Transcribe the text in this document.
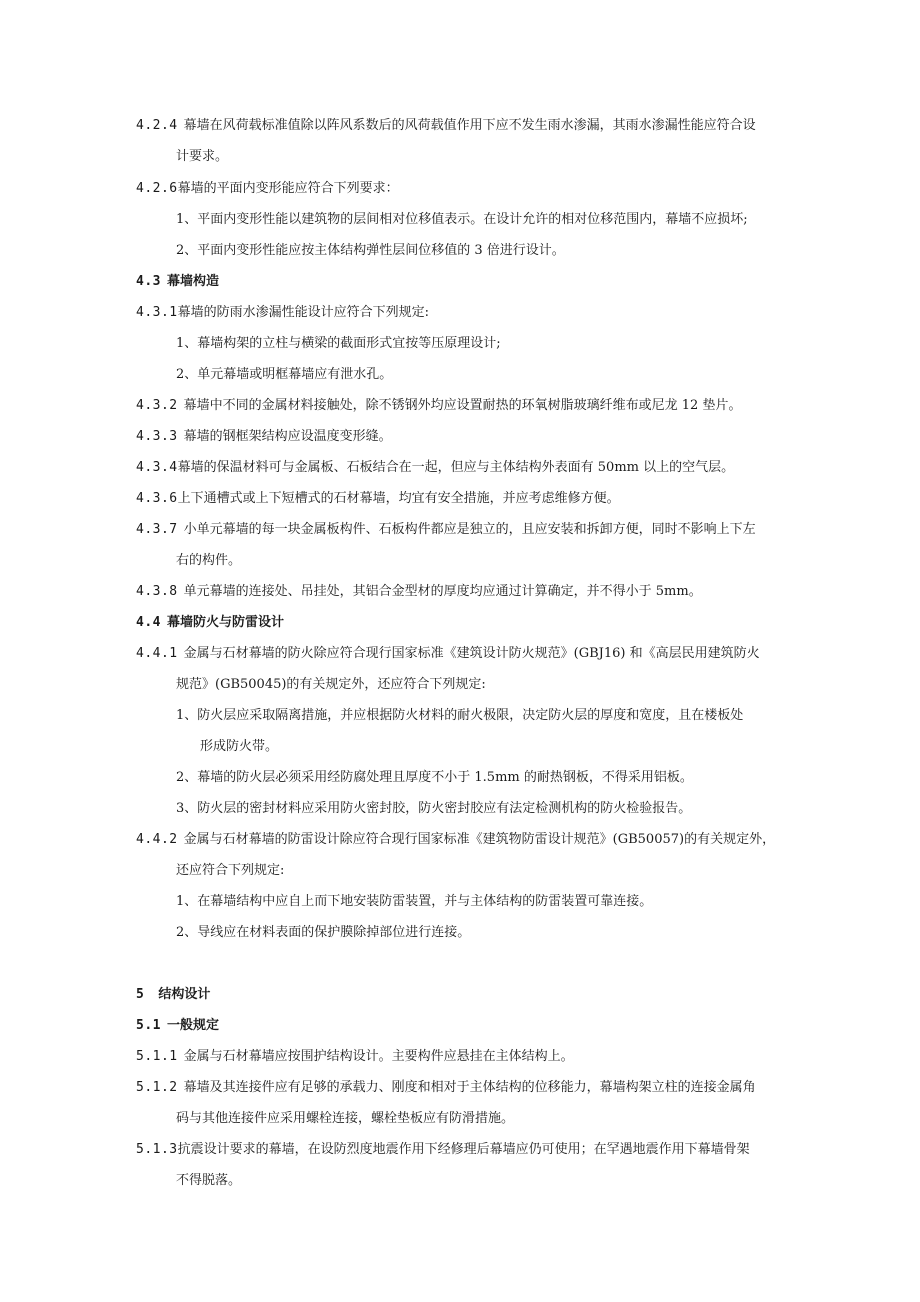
4.2.4 幕墙在风荷载标准值除以阵风系数后的风荷载值作用下应不发生雨水渗漏，其雨水渗漏性能应符合设
计要求。
4.2.6幕墙的平面内变形能应符合下列要求：
1、平面内变形性能以建筑物的层间相对位移值表示。在设计允许的相对位移范围内，幕墙不应损坏;
2、平面内变形性能应按主体结构弹性层间位移值的 3 倍进行设计。
4.3 幕墙构造
4.3.1幕墙的防雨水渗漏性能设计应符合下列规定:
1、幕墙构架的立柱与横梁的截面形式宜按等压原理设计;
2、单元幕墙或明框幕墙应有泄水孔。
4.3.2 幕墙中不同的金属材料接触处，除不锈钢外均应设置耐热的环氧树脂玻璃纤维布或尼龙 12 垫片。
4.3.3 幕墙的钢框架结构应设温度变形缝。
4.3.4幕墙的保温材料可与金属板、石板结合在一起，但应与主体结构外表面有 50mm 以上的空气层。
4.3.6上下通槽式或上下短槽式的石材幕墙，均宜有安全措施，并应考虑维修方便。
4.3.7 小单元幕墙的每一块金属板构件、石板构件都应是独立的，且应安装和拆卸方便，同时不影响上下左
右的构件。
4.3.8 单元幕墙的连接处、吊挂处，其铝合金型材的厚度均应通过计算确定，并不得小于 5mm。
4.4 幕墙防火与防雷设计
4.4.1 金属与石材幕墙的防火除应符合现行国家标准《建筑设计防火规范》(GBJ16) 和《高层民用建筑防火
规范》(GB50045)的有关规定外，还应符合下列规定:
1、防火层应采取隔离措施，并应根据防火材料的耐火极限，决定防火层的厚度和宽度，且在楼板处
形成防火带。
2、幕墙的防火层必须采用经防腐处理且厚度不小于 1.5mm 的耐热钢板，不得采用铝板。
3、防火层的密封材料应采用防火密封胶，防火密封胶应有法定检测机构的防火检验报告。
4.4.2 金属与石材幕墙的防雷设计除应符合现行国家标准《建筑物防雷设计规范》(GB50057)的有关规定外，
还应符合下列规定:
1、在幕墙结构中应自上而下地安装防雷装置，并与主体结构的防雷装置可靠连接。
2、导线应在材料表面的保护膜除掉部位进行连接。
5 结构设计
5.1 一般规定
5.1.1 金属与石材幕墙应按围护结构设计。主要构件应悬挂在主体结构上。
5.1.2 幕墙及其连接件应有足够的承载力、刚度和相对于主体结构的位移能力，幕墙构架立柱的连接金属角
码与其他连接件应采用螺栓连接，螺栓垫板应有防滑措施。
5.1.3抗震设计要求的幕墙，在设防烈度地震作用下经修理后幕墙应仍可使用；在罕遇地震作用下幕墙骨架
不得脱落。
